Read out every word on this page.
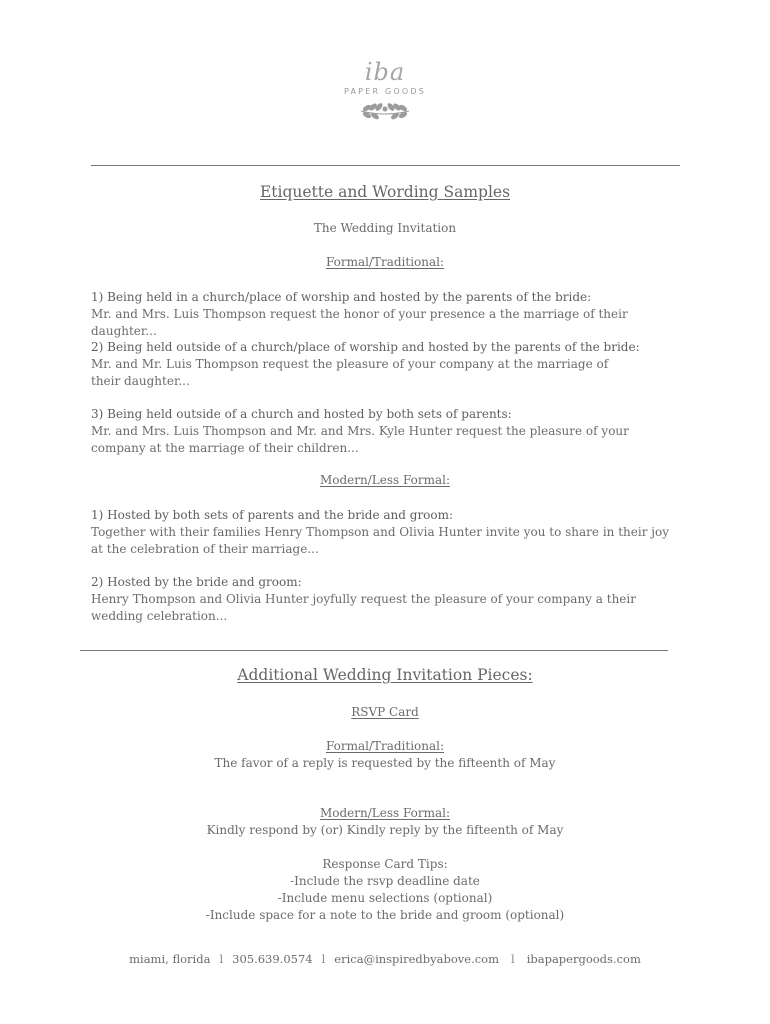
iba
PAPER GOODS
Etiquette and Wording Samples

The Wedding Invitation

Formal/Traditional:

1) Being held in a church/place of worship and hosted by the parents of the bride:
Mr. and Mrs. Luis Thompson request the honor of your presence a the marriage of their daughter...
2) Being held outside of a church/place of worship and hosted by the parents of the bride:
Mr. and Mr. Luis Thompson request the pleasure of your company at the marriage of their daughter...
3) Being held outside of a church and hosted by both sets of parents:
Mr. and Mrs. Luis Thompson and Mr. and Mrs. Kyle Hunter request the pleasure of your company at the marriage of their children...

Modern/Less Formal:

1) Hosted by both sets of parents and the bride and groom:
Together with their families Henry Thompson and Olivia Hunter invite you to share in their joy at the celebration of their marriage...
2) Hosted by the bride and groom:
Henry Thompson and Olivia Hunter joyfully request the pleasure of your company a their wedding celebration...
Additional Wedding Invitation Pieces:

RSVP Card

Formal/Traditional:
The favor of a reply is requested by the fifteenth of May
Modern/Less Formal:
Kindly respond by (or) Kindly reply by the fifteenth of May
Response Card Tips:
-Include the rsvp deadline date
-Include menu selections (optional)
-Include space for a note to the bride and groom (optional)
miami, florida l 305.639.0574 l erica@inspiredbyabove.com l ibapapergoods.com
